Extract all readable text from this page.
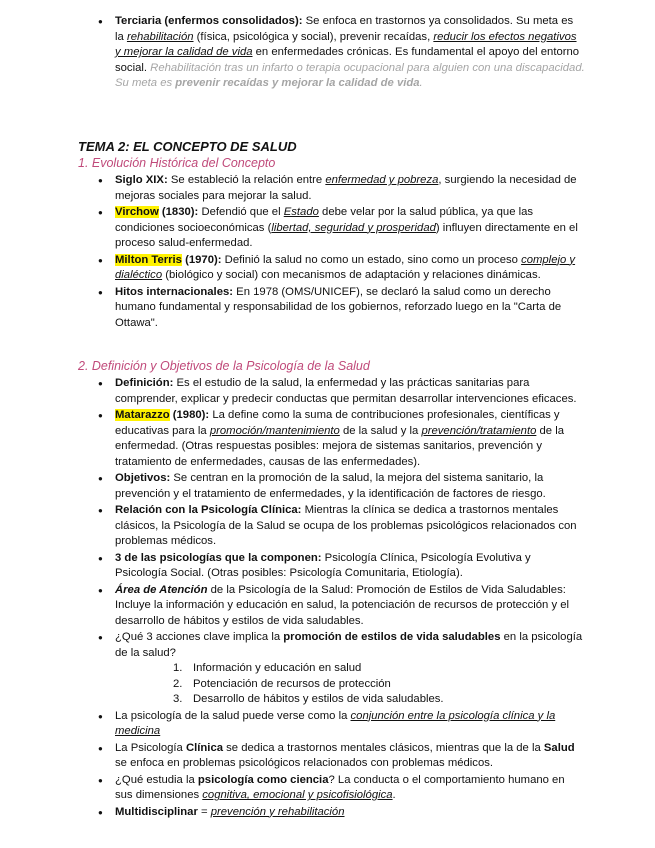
● Terciaria (enfermos consolidados): Se enfoca en trastornos ya consolidados. Su meta es la rehabilitación (física, psicológica y social), prevenir recaídas, reducir los efectos negativos y mejorar la calidad de vida en enfermedades crónicas. Es fundamental el apoyo del entorno social. Rehabilitación tras un infarto o terapia ocupacional para alguien con una discapacidad. Su meta es prevenir recaídas y mejorar la calidad de vida.
TEMA 2: EL CONCEPTO DE SALUD
1. Evolución Histórica del Concepto
● Siglo XIX: Se estableció la relación entre enfermedad y pobreza, surgiendo la necesidad de mejoras sociales para mejorar la salud.
● Virchow (1830): Defendió que el Estado debe velar por la salud pública, ya que las condiciones socioeconómicas (libertad, seguridad y prosperidad) influyen directamente en el proceso salud-enfermedad.
● Milton Terris (1970): Definió la salud no como un estado, sino como un proceso complejo y dialéctico (biológico y social) con mecanismos de adaptación y relaciones dinámicas.
● Hitos internacionales: En 1978 (OMS/UNICEF), se declaró la salud como un derecho humano fundamental y responsabilidad de los gobiernos, reforzado luego en la "Carta de Ottawa".
2. Definición y Objetivos de la Psicología de la Salud
● Definición: Es el estudio de la salud, la enfermedad y las prácticas sanitarias para comprender, explicar y predecir conductas que permitan desarrollar intervenciones eficaces.
● Matarazzo (1980): La define como la suma de contribuciones profesionales, científicas y educativas para la promoción/mantenimiento de la salud y la prevención/tratamiento de la enfermedad. (Otras respuestas posibles: mejora de sistemas sanitarios, prevención y tratamiento de enfermedades, causas de las enfermedades).
● Objetivos: Se centran en la promoción de la salud, la mejora del sistema sanitario, la prevención y el tratamiento de enfermedades, y la identificación de factores de riesgo.
● Relación con la Psicología Clínica: Mientras la clínica se dedica a trastornos mentales clásicos, la Psicología de la Salud se ocupa de los problemas psicológicos relacionados con problemas médicos.
● 3 de las psicologías que la componen: Psicología Clínica, Psicología Evolutiva y Psicología Social. (Otras posibles: Psicología Comunitaria, Etiología).
● Área de Atención de la Psicología de la Salud: Promoción de Estilos de Vida Saludables: Incluye la información y educación en salud, la potenciación de recursos de protección y el desarrollo de hábitos y estilos de vida saludables.
● ¿Qué 3 acciones clave implica la promoción de estilos de vida saludables en la psicología de la salud?
1. Información y educación en salud
2. Potenciación de recursos de protección
3. Desarrollo de hábitos y estilos de vida saludables.
● La psicología de la salud puede verse como la conjunción entre la psicología clínica y la medicina
● La Psicología Clínica se dedica a trastornos mentales clásicos, mientras que la de la Salud se enfoca en problemas psicológicos relacionados con problemas médicos.
● ¿Qué estudia la psicología como ciencia? La conducta o el comportamiento humano en sus dimensiones cognitiva, emocional y psicofisiológica.
● Multidisciplinar = prevención y rehabilitación
